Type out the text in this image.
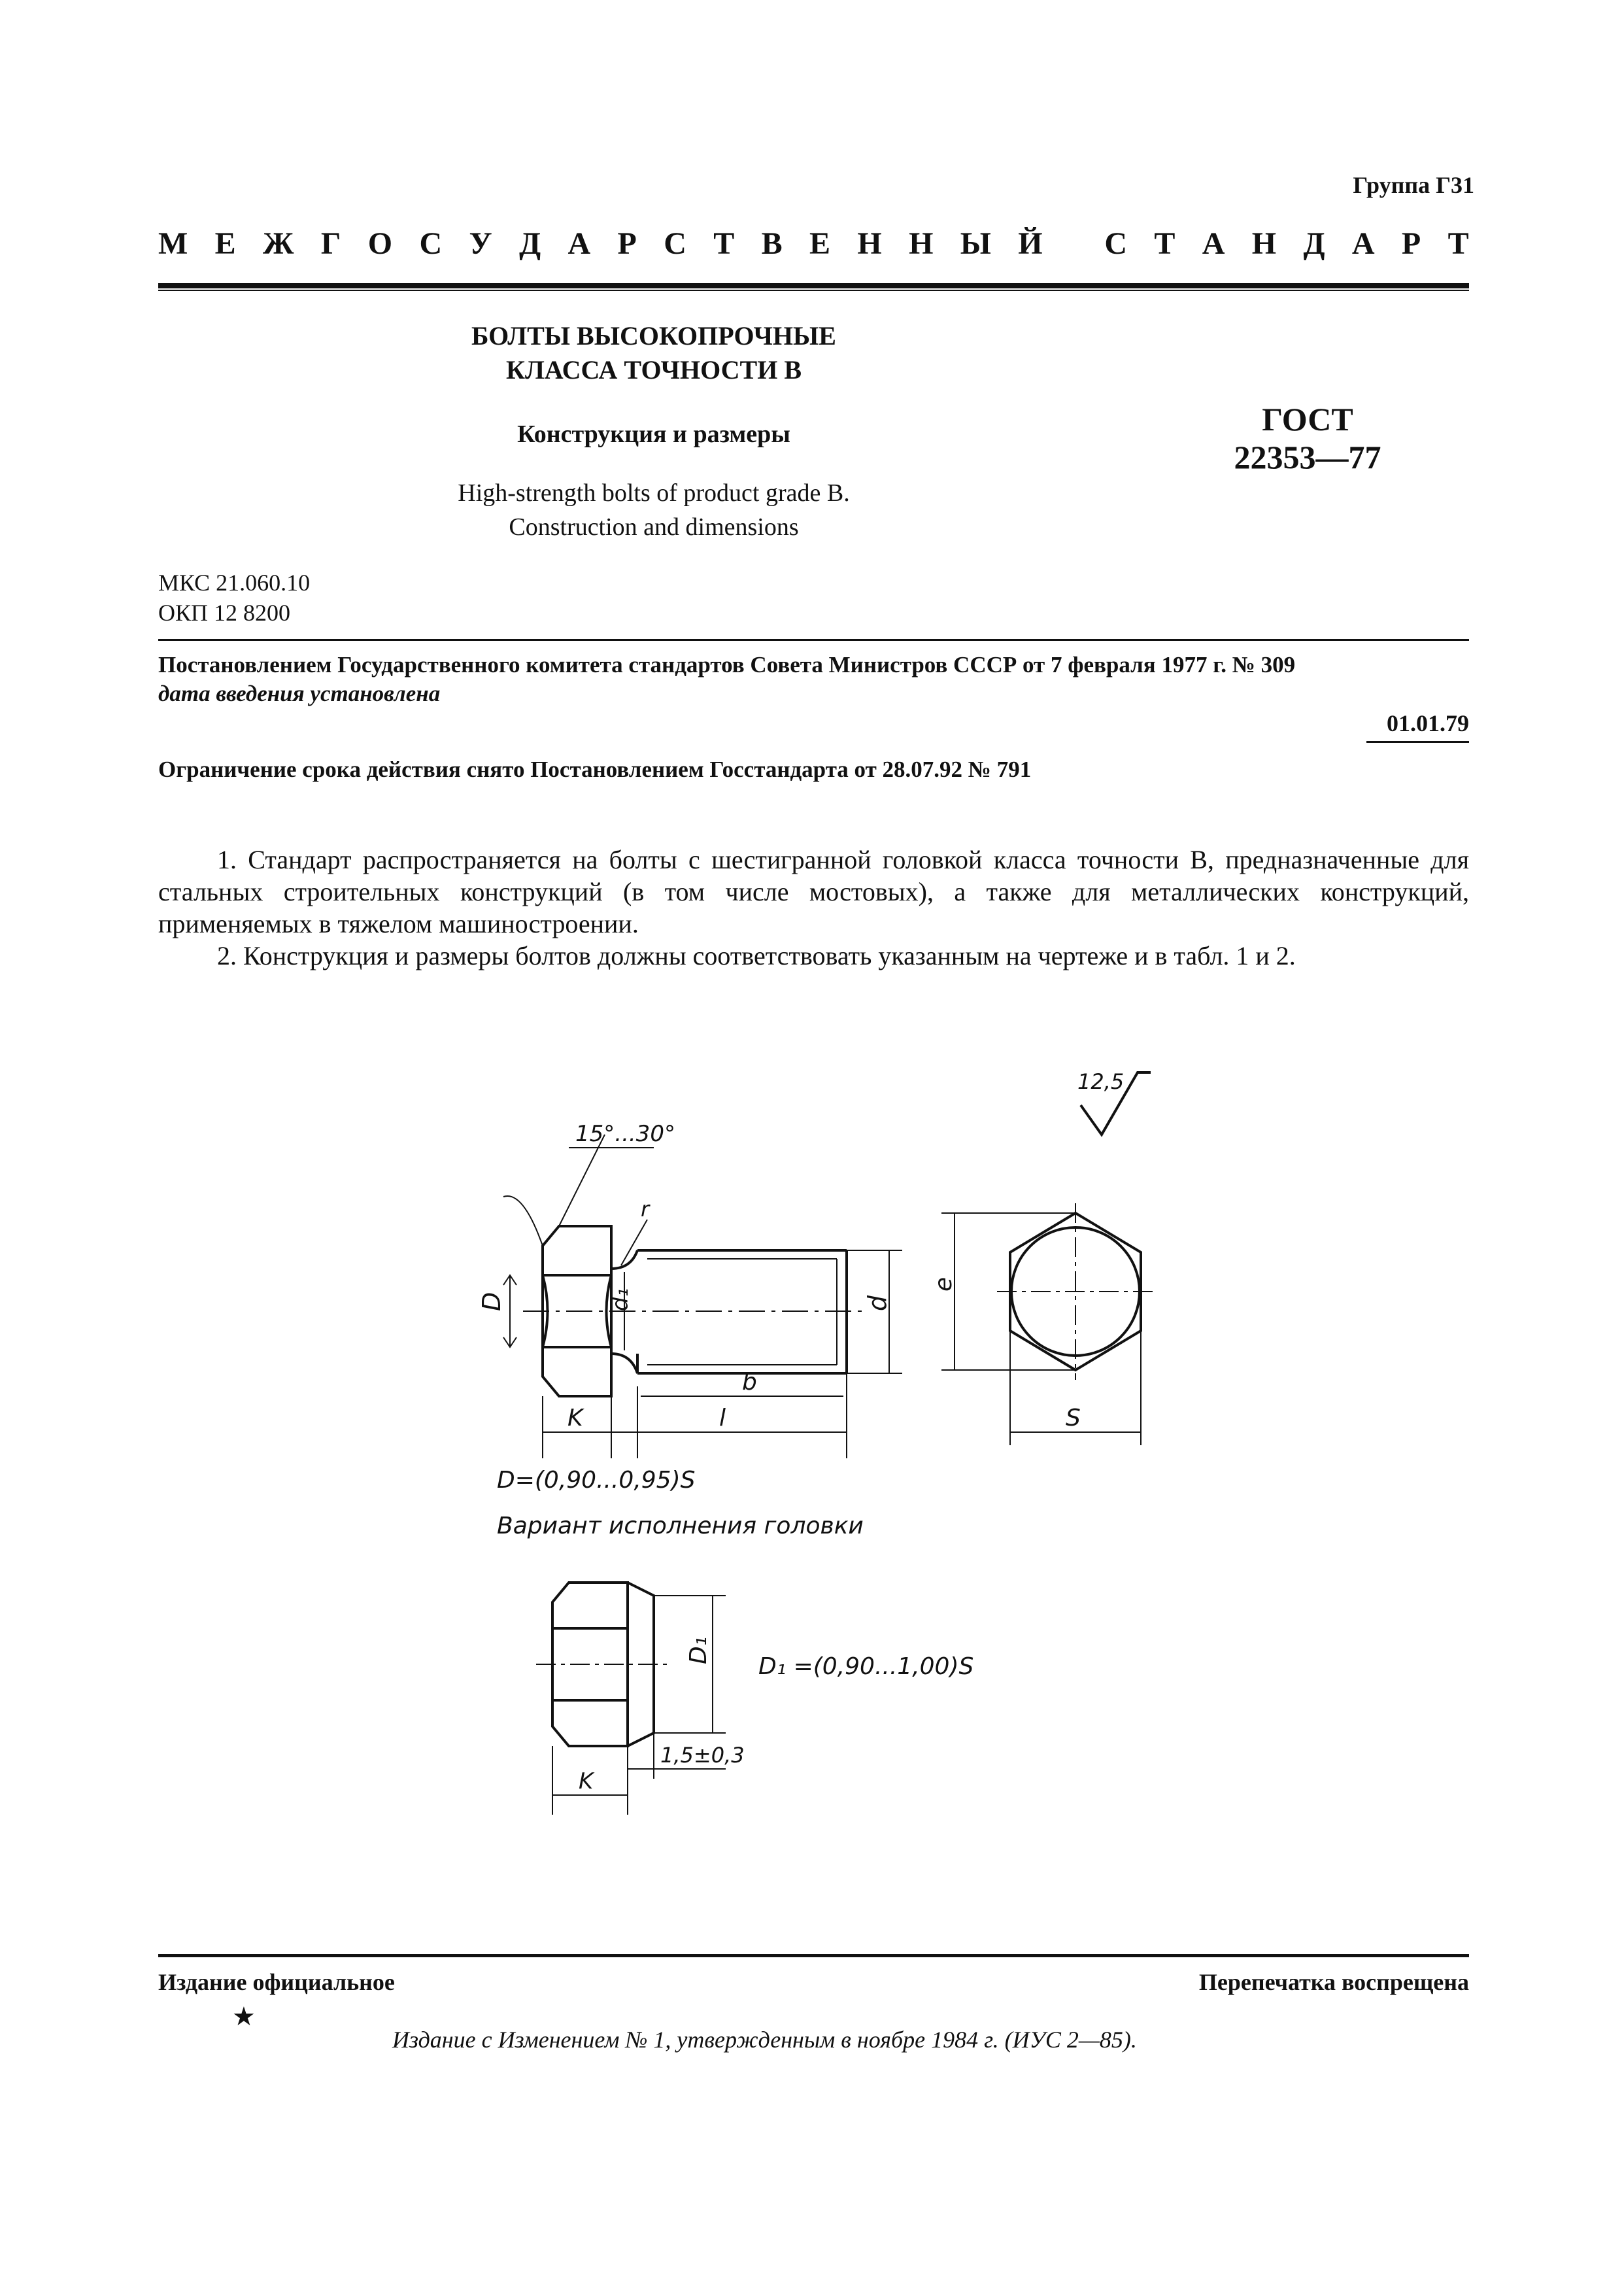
Группа Г31
М Е Ж Г О С У Д А Р С Т В Е Н Н Ы Й
С Т А Н Д А Р Т
БОЛТЫ ВЫСОКОПРОЧНЫЕ
КЛАССА ТОЧНОСТИ В
Конструкция и размеры
High-strength bolts of product grade B.
Construction and dimensions
ГОСТ
22353—77
МКС 21.060.10
ОКП 12 8200
Постановлением Государственного комитета стандартов Совета Министров СССР от 7 февраля 1977 г. № 309
дата введения установлена
01.01.79
Ограничение срока действия снято Постановлением Госстандарта от 28.07.92 № 791

1. Стандарт распространяется на болты с шестигранной головкой класса точности В, предназначенные для стальных строительных конструкций (в том числе мостовых), а также для металлических конструкций, применяемых в тяжелом машиностроении.

2. Конструкция и размеры болтов должны соответствовать указанным на чертеже и в табл. 1 и 2.

12,5
D	d₁	d
15°...30°
r
b
K	l
e
S
D=(0,90...0,95)S
Вариант исполнения головки
D₁
1,5±0,3
K
D₁ =(0,90...1,00)S
Издание официальное	Перепечатка воспрещена
★
Издание с Изменением № 1, утвержденным в ноябре 1984 г. (ИУС 2—85).
